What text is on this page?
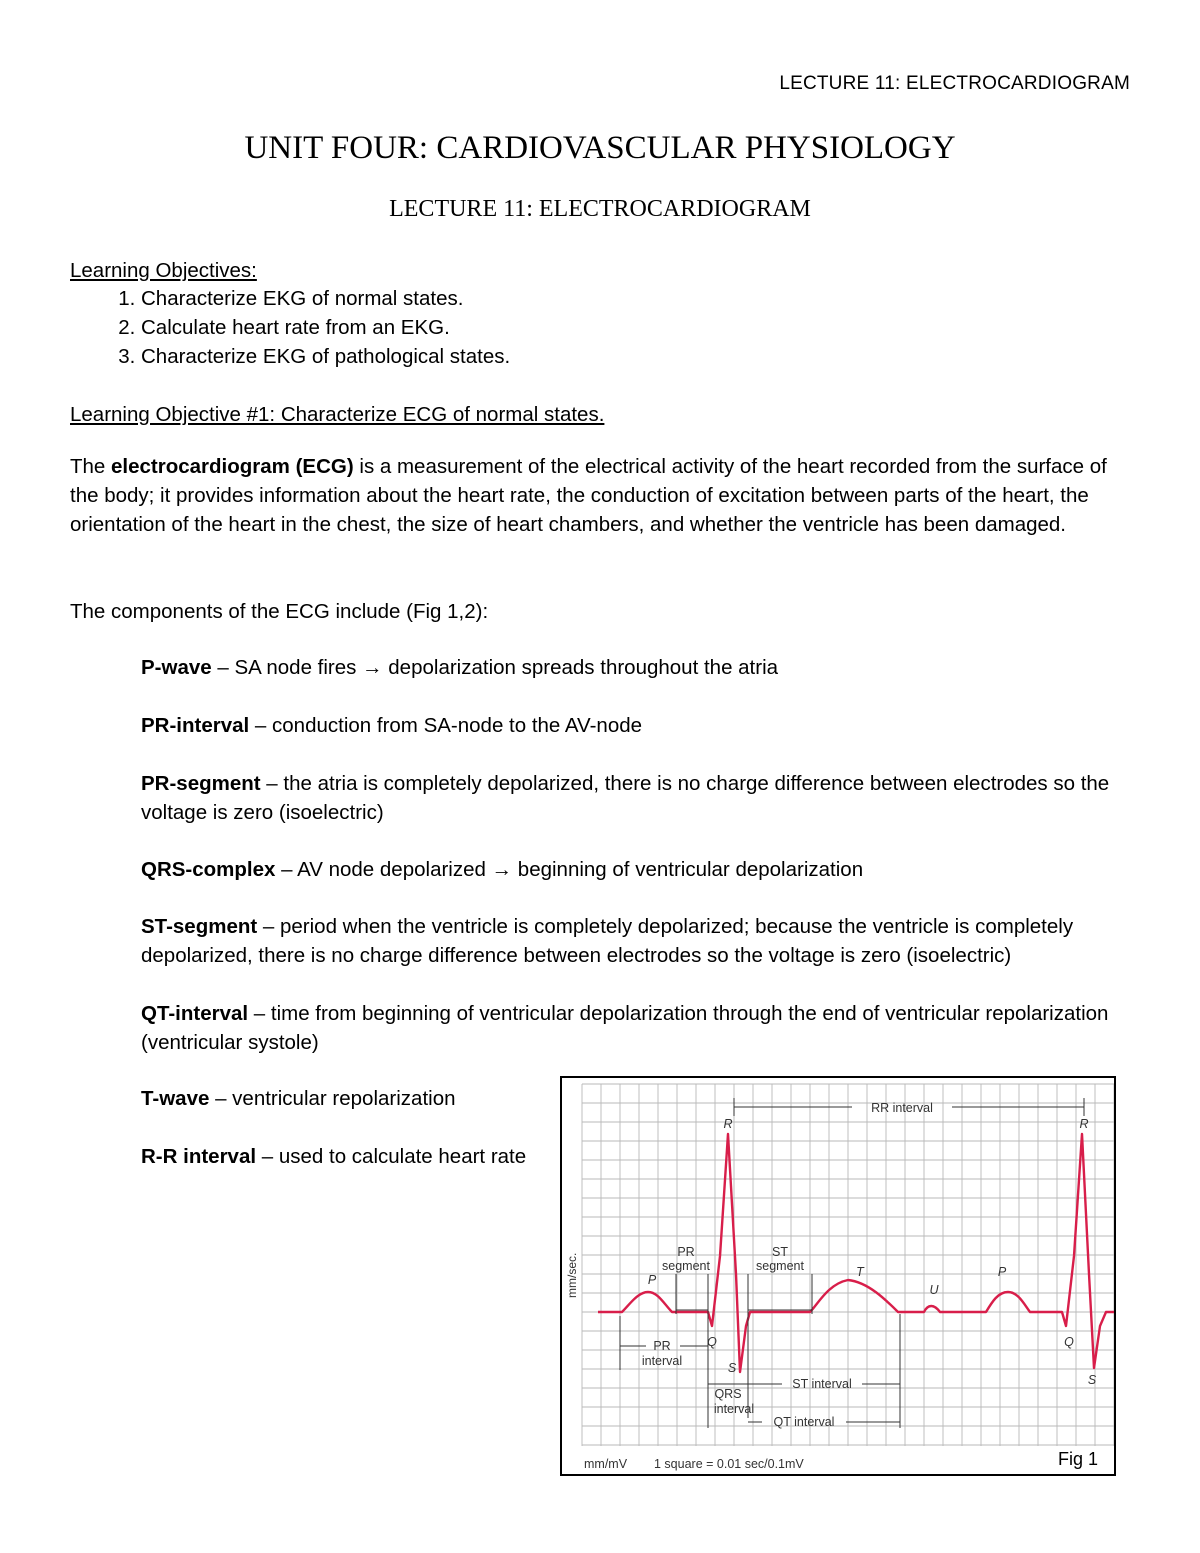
LECTURE 11: ELECTROCARDIOGRAM
UNIT FOUR: CARDIOVASCULAR PHYSIOLOGY
LECTURE 11: ELECTROCARDIOGRAM
Learning Objectives:
1. Characterize EKG of normal states.
2. Calculate heart rate from an EKG.
3. Characterize EKG of pathological states.
Learning Objective #1: Characterize ECG of normal states.
The electrocardiogram (ECG) is a measurement of the electrical activity of the heart recorded from the surface of the body; it provides information about the heart rate, the conduction of excitation between parts of the heart, the orientation of the heart in the chest, the size of heart chambers, and whether the ventricle has been damaged.
The components of the ECG include (Fig 1,2):
P-wave – SA node fires → depolarization spreads throughout the atria
PR-interval – conduction from SA-node to the AV-node
PR-segment – the atria is completely depolarized, there is no charge difference between electrodes so the voltage is zero (isoelectric)
QRS-complex – AV node depolarized → beginning of ventricular depolarization
ST-segment – period when the ventricle is completely depolarized; because the ventricle is completely depolarized, there is no charge difference between electrodes so the voltage is zero (isoelectric)
QT-interval – time from beginning of ventricular depolarization through the end of ventricular repolarization (ventricular systole)
T-wave – ventricular repolarization
R-R interval – used to calculate heart rate
RR interval
R	R
P
P
T
U
Q	Q
S
S
PR
segment
ST
segment
PR
interval
QRS
interval
ST interval
QT interval
mm/sec.
mm/mV 1 square = 0.01 sec/0.1mV	Fig 1
